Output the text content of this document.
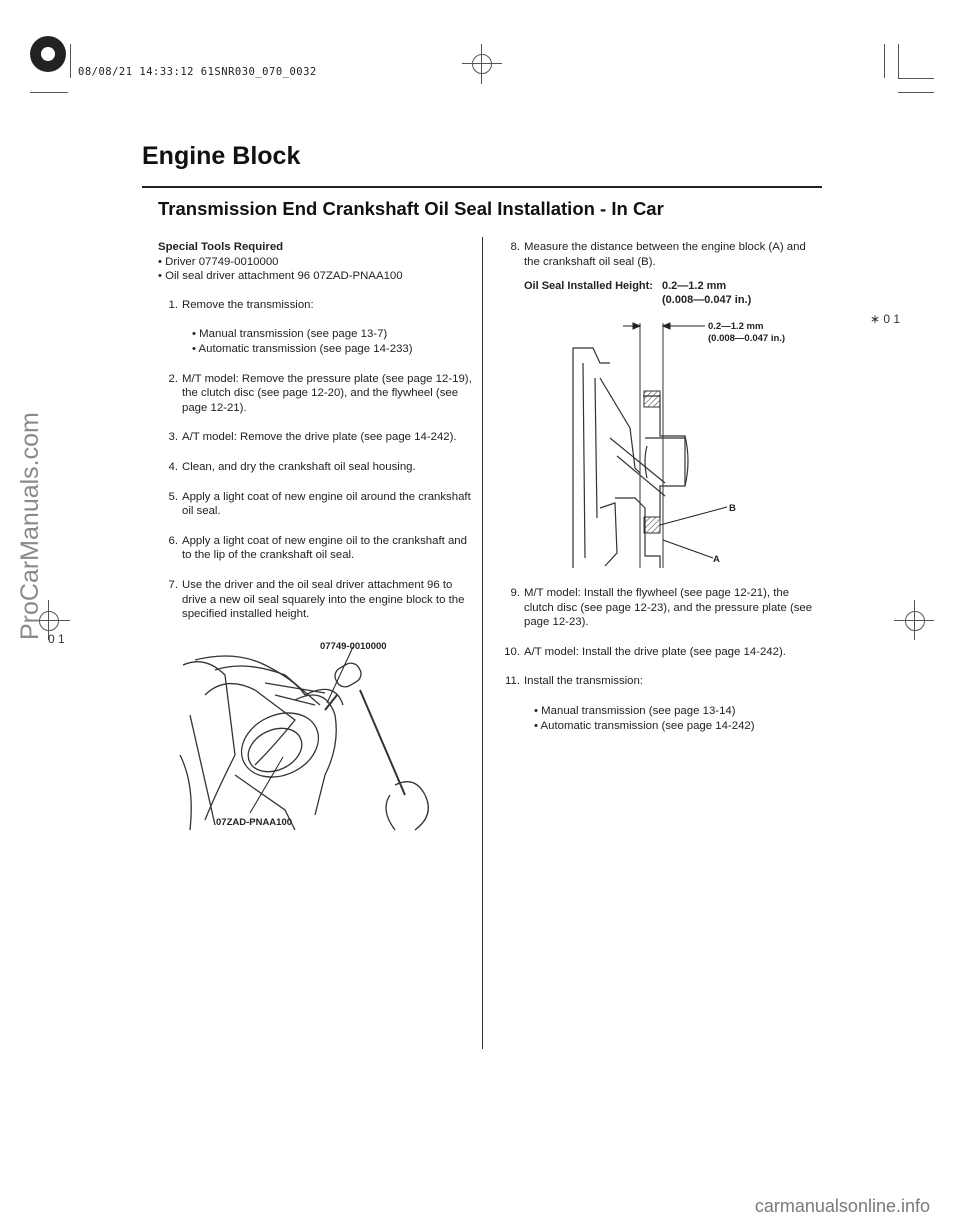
08/08/21 14:33:12 61SNR030_070_0032
∗ 0 1
0 1
Engine Block
Transmission End Crankshaft Oil Seal Installation - In Car
Special Tools Required
• Driver 07749-0010000
• Oil seal driver attachment 96 07ZAD-PNAA100
1. Remove the transmission:
• Manual transmission (see page 13-7)
• Automatic transmission (see page 14-233)
2. M/T model: Remove the pressure plate (see page 12-19), the clutch disc (see page 12-20), and the flywheel (see page 12-21).
3. A/T model: Remove the drive plate (see page 14-242).
4. Clean, and dry the crankshaft oil seal housing.
5. Apply a light coat of new engine oil around the crankshaft oil seal.
6. Apply a light coat of new engine oil to the crankshaft and to the lip of the crankshaft oil seal.
7. Use the driver and the oil seal driver attachment 96 to drive a new oil seal squarely into the engine block to the specified installed height.
07749-0010000
07ZAD-PNAA100
8. Measure the distance between the engine block (A) and the crankshaft oil seal (B).
Oil Seal Installed Height: 0.2—1.2 mm
(0.008—0.047 in.)
0.2—1.2 mm
(0.008—0.047 in.)
B
A
9. M/T model: Install the flywheel (see page 12-21), the clutch disc (see page 12-23), and the pressure plate (see page 12-23).
10. A/T model: Install the drive plate (see page 14-242).
11. Install the transmission:
• Manual transmission (see page 13-14)
• Automatic transmission (see page 14-242)
ProCarManuals.com
carmanualsonline.info
